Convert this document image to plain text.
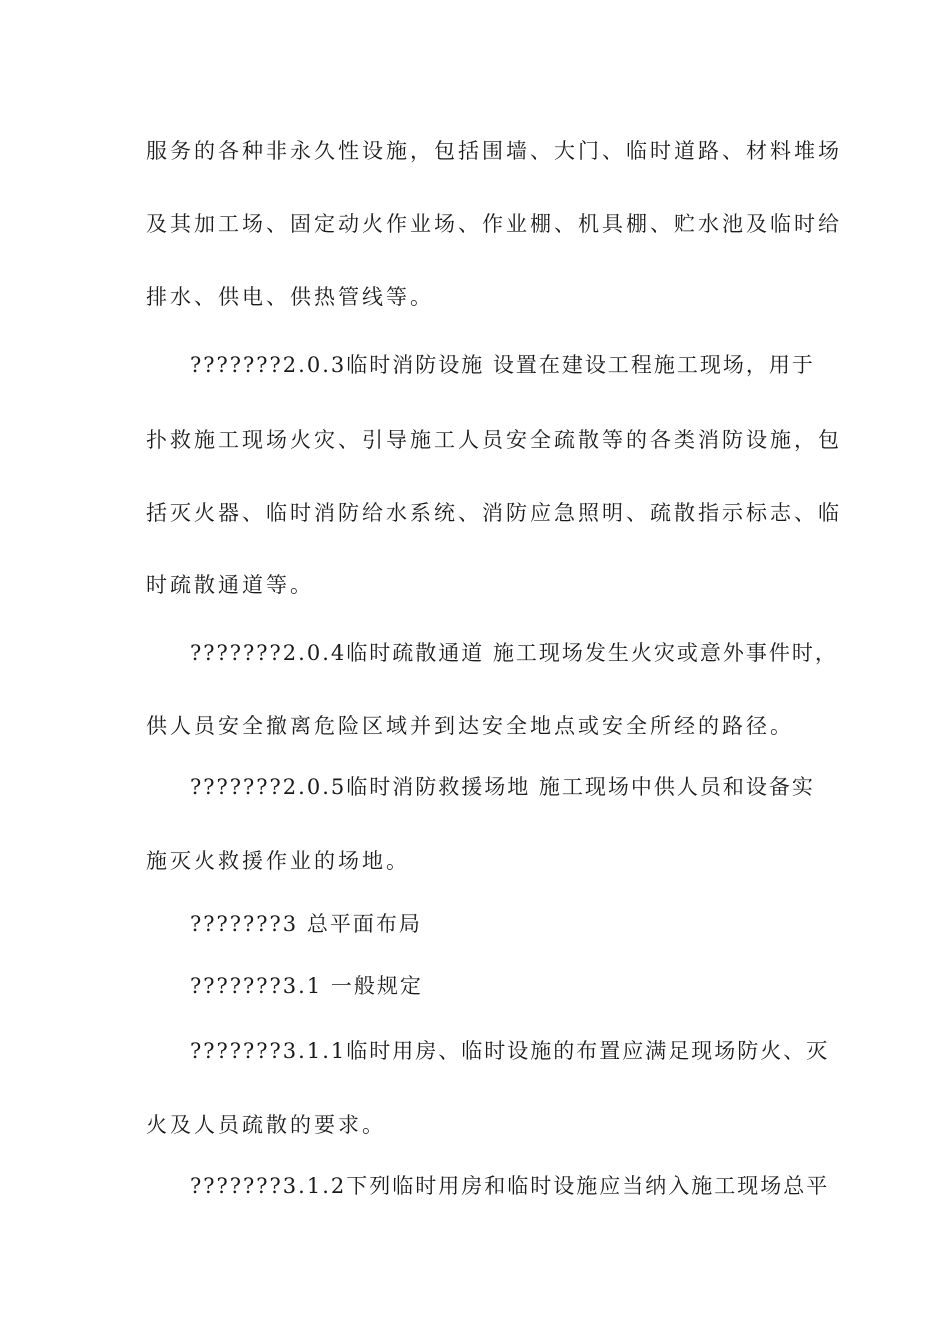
服务的各种非永久性设施，包括围墙、大门、临时道路、材料堆场
及其加工场、固定动火作业场、作业棚、机具棚、贮水池及临时给
排水、供电、供热管线等。
???????2.0.3临时消防设施 设置在建设工程施工现场，用于
扑救施工现场火灾、引导施工人员安全疏散等的各类消防设施，包
括灭火器、临时消防给水系统、消防应急照明、疏散指示标志、临
时疏散通道等。
???????2.0.4临时疏散通道 施工现场发生火灾或意外事件时，
供人员安全撤离危险区域并到达安全地点或安全所经的路径。
???????2.0.5临时消防救援场地 施工现场中供人员和设备实
施灭火救援作业的场地。
???????3 总平面布局
???????3.1 一般规定
???????3.1.1临时用房、临时设施的布置应满足现场防火、灭
火及人员疏散的要求。
???????3.1.2下列临时用房和临时设施应当纳入施工现场总平
